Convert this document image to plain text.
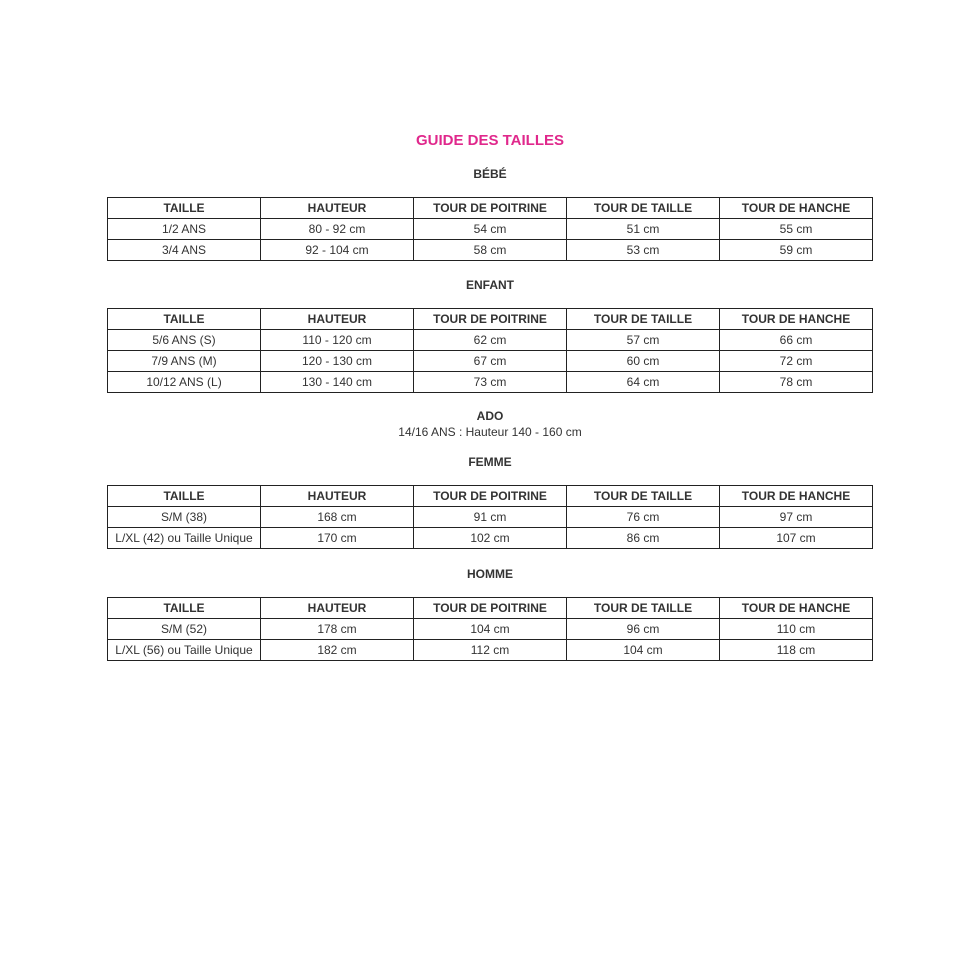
GUIDE DES TAILLES
BÉBÉ
TAILLE	HAUTEUR	TOUR DE POITRINE	TOUR DE TAILLE	TOUR DE HANCHE
1/2 ANS	80 - 92 cm	54 cm	51 cm	55 cm
3/4 ANS	92 - 104 cm	58 cm	53 cm	59 cm
ENFANT
TAILLE	HAUTEUR	TOUR DE POITRINE	TOUR DE TAILLE	TOUR DE HANCHE
5/6 ANS (S)	110 - 120 cm	62 cm	57 cm	66 cm
7/9 ANS (M)	120 - 130 cm	67 cm	60 cm	72 cm
10/12 ANS (L)	130 - 140 cm	73 cm	64 cm	78 cm
ADO
14/16 ANS : Hauteur 140 - 160 cm
FEMME
TAILLE	HAUTEUR	TOUR DE POITRINE	TOUR DE TAILLE	TOUR DE HANCHE
S/M (38)	168 cm	91 cm	76 cm	97 cm
L/XL (42) ou Taille Unique	170 cm	102 cm	86 cm	107 cm
HOMME
TAILLE	HAUTEUR	TOUR DE POITRINE	TOUR DE TAILLE	TOUR DE HANCHE
S/M (52)	178 cm	104 cm	96 cm	110 cm
L/XL (56) ou Taille Unique	182 cm	112 cm	104 cm	118 cm
